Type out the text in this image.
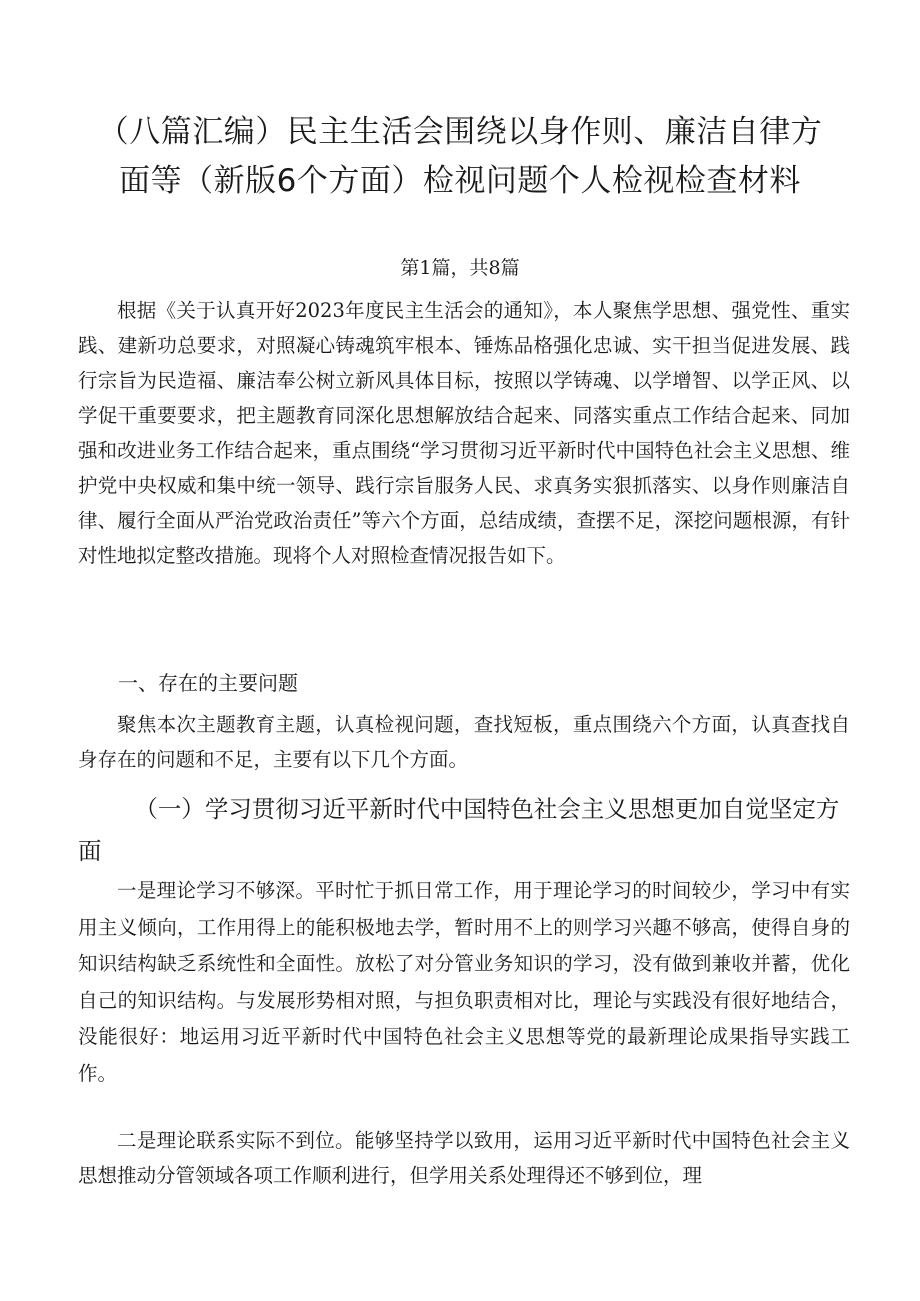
（八篇汇编）民主生活会围绕以身作则、廉洁自律方
面等（新版6个方面）检视问题个人检视检查材料
第1篇，共8篇

根据《关于认真开好2023年度民主生活会的通知》，本人聚焦学思想、强党性、重实践、建新功总要求，对照凝心铸魂筑牢根本、锤炼品格强化忠诚、实干担当促进发展、践行宗旨为民造福、廉洁奉公树立新风具体目标，按照以学铸魂、以学增智、以学正风、以学促干重要要求，把主题教育同深化思想解放结合起来、同落实重点工作结合起来、同加强和改进业务工作结合起来，重点围绕“学习贯彻习近平新时代中国特色社会主义思想、维护党中央权威和集中统一领导、践行宗旨服务人民、求真务实狠抓落实、以身作则廉洁自律、履行全面从严治党政治责任”等六个方面，总结成绩，查摆不足，深挖问题根源，有针对性地拟定整改措施。现将个人对照检查情况报告如下。

一、存在的主要问题

聚焦本次主题教育主题，认真检视问题，查找短板，重点围绕六个方面，认真查找自身存在的问题和不足，主要有以下几个方面。

（一）学习贯彻习近平新时代中国特色社会主义思想更加自觉坚定方面

一是理论学习不够深。平时忙于抓日常工作，用于理论学习的时间较少，学习中有实用主义倾向，工作用得上的能积极地去学，暂时用不上的则学习兴趣不够高，使得自身的知识结构缺乏系统性和全面性。放松了对分管业务知识的学习，没有做到兼收并蓄，优化自己的知识结构。与发展形势相对照，与担负职责相对比，理论与实践没有很好地结合，没能很好：地运用习近平新时代中国特色社会主义思想等党的最新理论成果指导实践工作。

二是理论联系实际不到位。能够坚持学以致用，运用习近平新时代中国特色社会主义思想推动分管领域各项工作顺利进行，但学用关系处理得还不够到位，理
